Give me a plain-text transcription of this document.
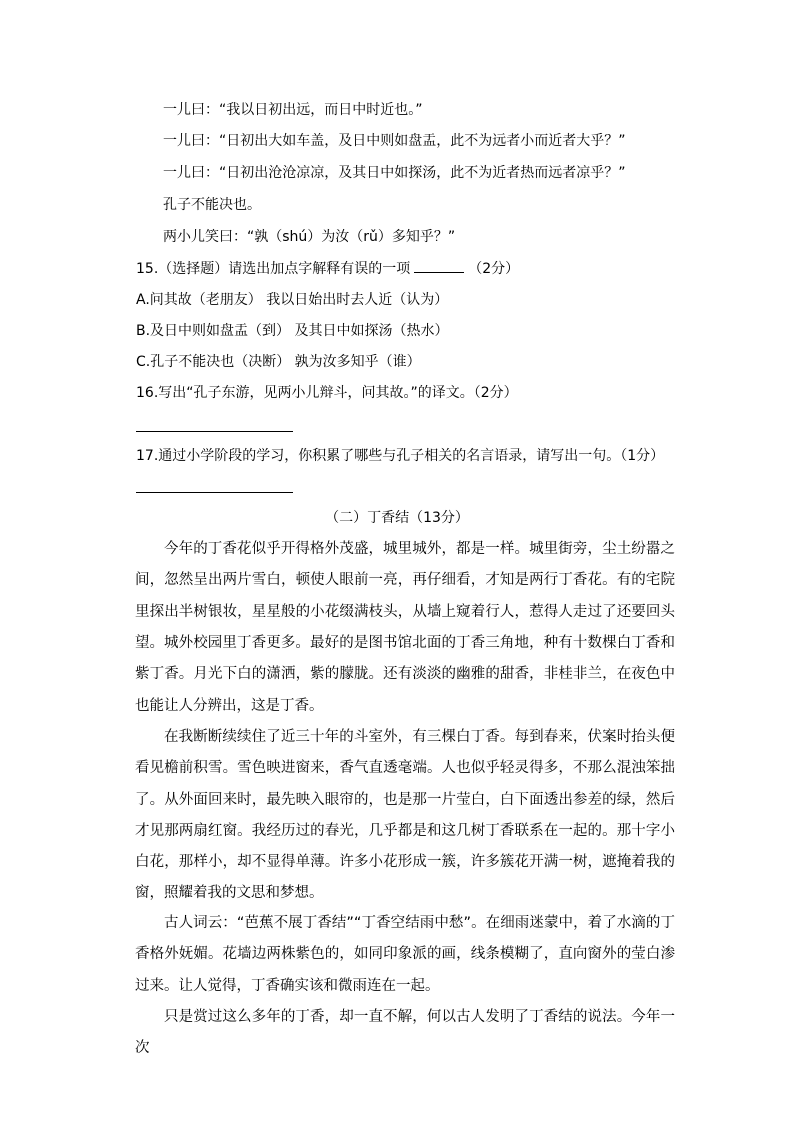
一儿曰：“我以日初出远，而日中时近也。”
一儿曰：“日初出大如车盖，及日中则如盘盂，此不为远者小而近者大乎？”
一儿曰：“日初出沧沧凉凉，及其日中如探汤，此不为近者热而远者凉乎？”
孔子不能决也。
两小儿笑曰：“孰（shú）为汝（rǔ）多知乎？”
15.（选择题）请选出加点字解释有误的一项	（2分）
A.问其故（老朋友） 我以日始出时去人近（认为）
B.及日中则如盘盂（到） 及其日中如探汤（热水）
C.孔子不能决也（决断） 孰为汝多知乎（谁）
16.写出“孔子东游，见两小儿辩斗，问其故。”的译文。（2分）
17.通过小学阶段的学习，你积累了哪些与孔子相关的名言语录，请写出一句。（1分）
（二）丁香结（13分）
今年的丁香花似乎开得格外茂盛，城里城外，都是一样。城里街旁，尘土纷嚣之间，忽然呈出两片雪白，顿使人眼前一亮，再仔细看，才知是两行丁香花。有的宅院里探出半树银妆，星星般的小花缀满枝头，从墙上窥着行人，惹得人走过了还要回头望。 城外校园里丁香更多。最好的是图书馆北面的丁香三角地，种有十数棵白丁香和紫丁香。月光下白的潇洒，紫的朦胧。还有淡淡的幽雅的甜香，非桂非兰，在夜色中也能让人分辨出，这是丁香。
在我断断续续住了近三十年的斗室外，有三棵白丁香。每到春来，伏案时抬头便看见檐前积雪。雪色映进窗来，香气直透毫端。人也似乎轻灵得多，不那么混浊笨拙了。从外面回来时，最先映入眼帘的，也是那一片莹白，白下面透出参差的绿，然后才见那两扇红窗。我经历过的春光，几乎都是和这几树丁香联系在一起的。那十字小白花，那样小，却不显得单薄。许多小花形成一簇，许多簇花开满一树，遮掩着我的窗，照耀着我的文思和梦想。
古人词云：“芭蕉不展丁香结”“丁香空结雨中愁”。在细雨迷蒙中，着了水滴的丁香格外妩媚。花墙边两株紫色的，如同印象派的画，线条模糊了，直向窗外的莹白渗过来。让人觉得，丁香确实该和微雨连在一起。
只是赏过这么多年的丁香，却一直不解，何以古人发明了丁香结的说法。今年一次
